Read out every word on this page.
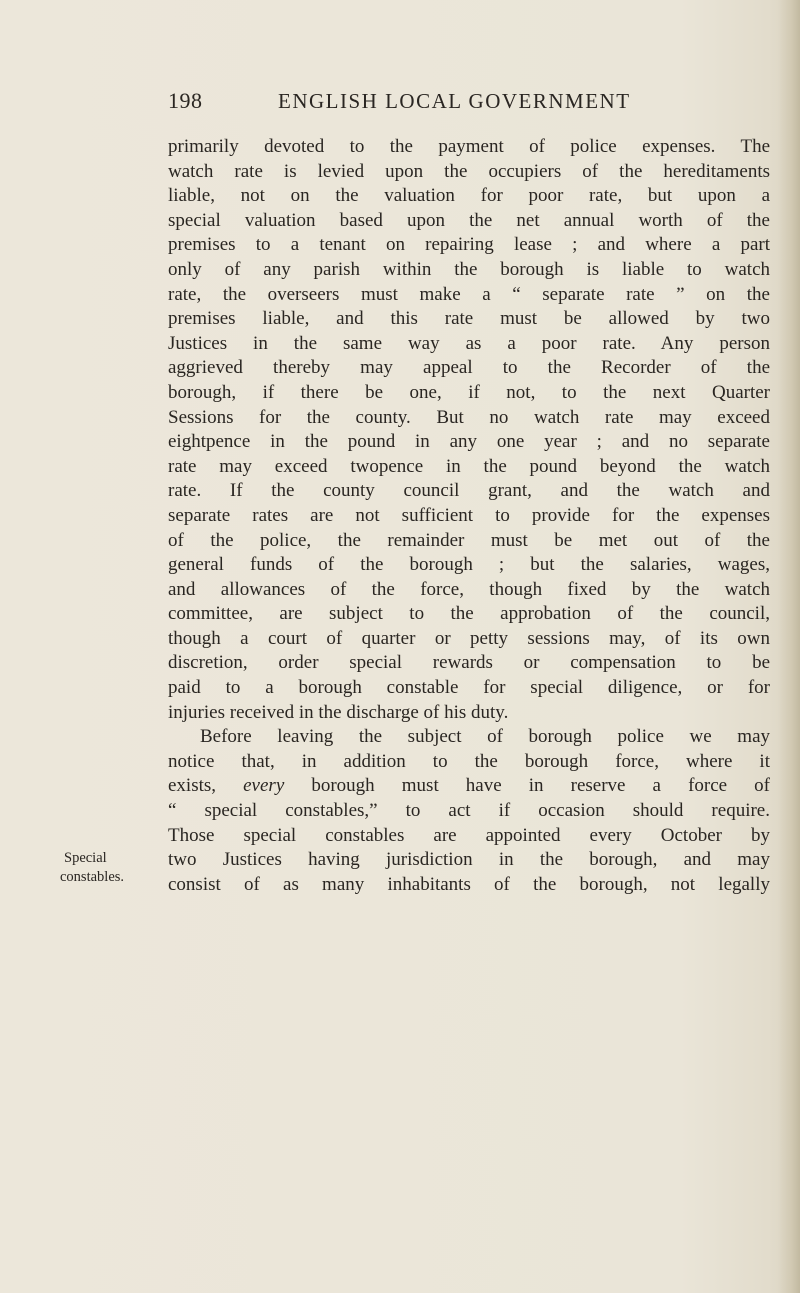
198	ENGLISH LOCAL GOVERNMENT
Special
constables.
primarily devoted to the payment of police expenses. The
watch rate is levied upon the occupiers of the hereditaments
liable, not on the valuation for poor rate, but upon a
special valuation based upon the net annual worth of the
premises to a tenant on repairing lease ; and where a part
only of any parish within the borough is liable to watch
rate, the overseers must make a “ separate rate ” on the
premises liable, and this rate must be allowed by two
Justices in the same way as a poor rate. Any person
aggrieved thereby may appeal to the Recorder of the
borough, if there be one, if not, to the next Quarter
Sessions for the county. But no watch rate may exceed
eightpence in the pound in any one year ; and no separate
rate may exceed twopence in the pound beyond the watch
rate. If the county council grant, and the watch and
separate rates are not sufficient to provide for the expenses
of the police, the remainder must be met out of the
general funds of the borough ; but the salaries, wages,
and allowances of the force, though fixed by the watch
committee, are subject to the approbation of the council,
though a court of quarter or petty sessions may, of its own
discretion, order special rewards or compensation to be
paid to a borough constable for special diligence, or for
injuries received in the discharge of his duty.
Before leaving the subject of borough police we may
notice that, in addition to the borough force, where it
exists, every borough must have in reserve a force of
“ special constables,” to act if occasion should require.
Those special constables are appointed every October by
two Justices having jurisdiction in the borough, and may
consist of as many inhabitants of the borough, not legally
